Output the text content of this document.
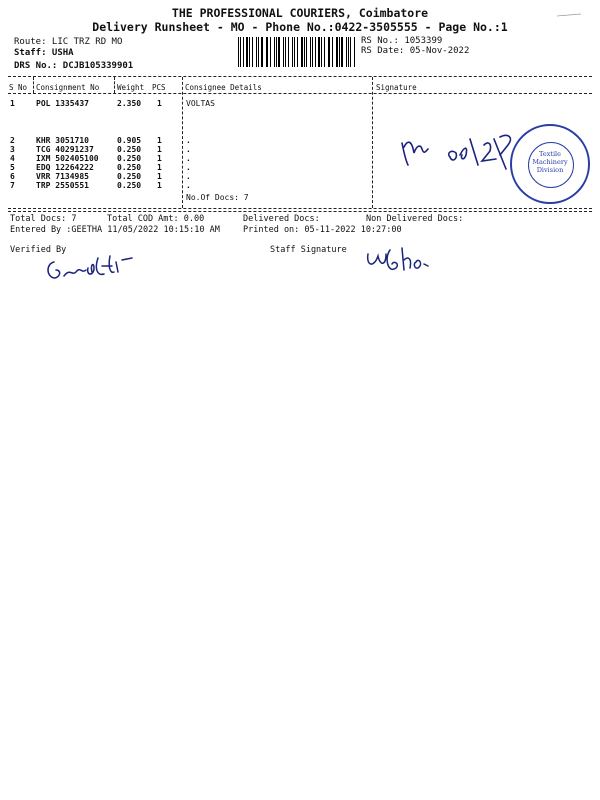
THE PROFESSIONAL COURIERS, Coimbatore
Delivery Runsheet - MO - Phone No.:0422-3505555 - Page No.:1
Route: LIC TRZ RD MO
Staff: USHA
DRS No.: DCJB105339901
RS No.: 1053399
RS Date: 05-Nov-2022
S No Consignment No Weight PCS	Consignee Details	Signature
1	POL 1335437	2.350 1	VOLTAS
2	KHR 3051710	0.905 1	.
3	TCG 40291237	0.250 1	.
4	IXM 502405100 0.250 1	.
5	EDQ 12264222	0.250 1	.
6	VRR 7134985	0.250 1	.
7	TRP 2550551	0.250 1	.
No.Of Docs: 7
Textile Machinery Division
Total Docs: 7	Total COD Amt: 0.00	Delivered Docs:	Non Delivered Docs:
Entered By :GEETHA 11/05/2022 10:15:10 AM	Printed on: 05-11-2022 10:27:00
Verified By	Staff Signature
